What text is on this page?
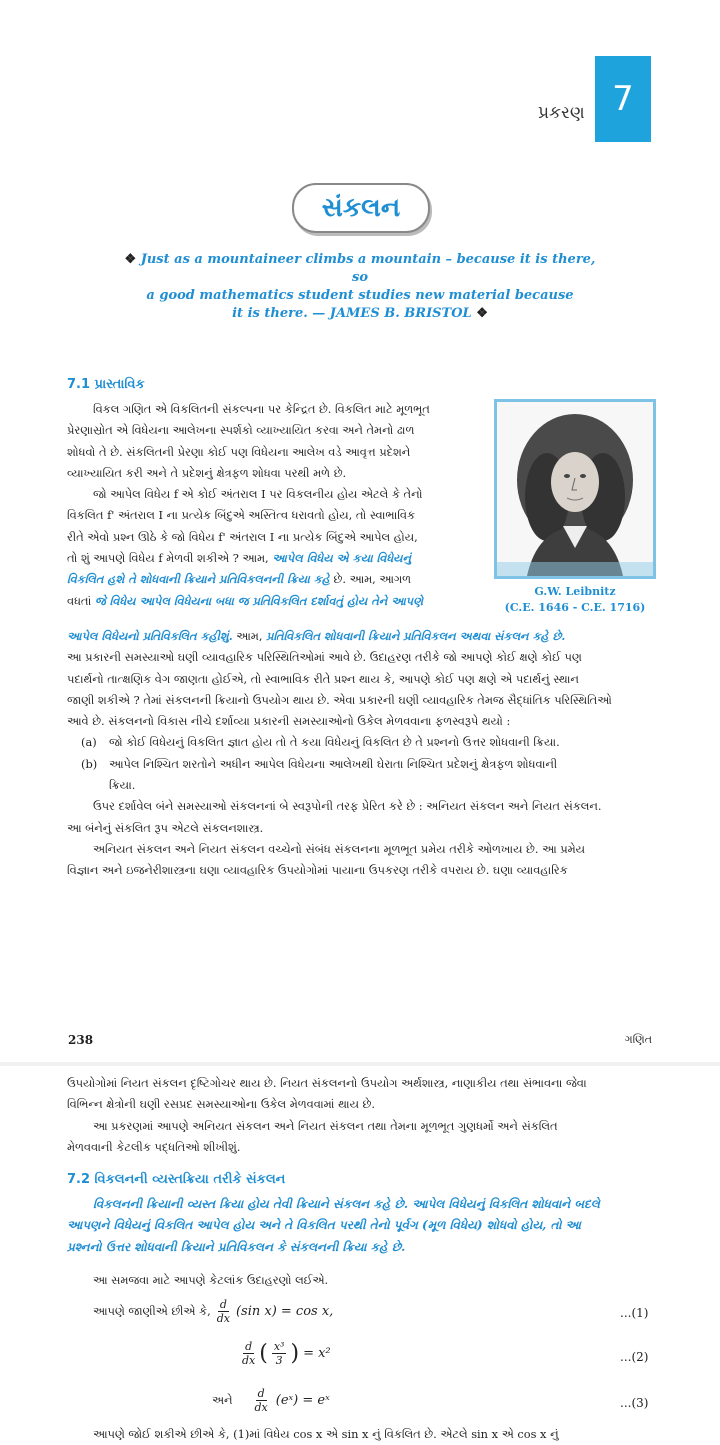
પ્રકરણ 7
સંકલન
❖ Just as a mountaineer climbs a mountain – because it is there, so
a good mathematics student studies new material because
it is there. — JAMES B. BRISTOL ❖
7.1 પ્રાસ્તાવિક
વિકલ ગણિત એ વિકલિતની સંકલ્પના પર કેન્દ્રિત છે. વિકલિત માટે મૂળભૂત
પ્રેરણાસ્રોત એ વિધેયના આલેખના સ્પર્શકો વ્યાખ્યાયિત કરવા અને તેમનો ઢાળ
શોધવો તે છે. સંકલિતની પ્રેરણા કોઈ પણ વિધેયના આલેખ વડે આવૃત્ત પ્રદેશને
વ્યાખ્યાયિત કરી અને તે પ્રદેશનું ક્ષેત્રફળ શોધવા પરથી મળે છે.
જો આપેલ વિધેય f એ કોઈ અંતરાલ I પર વિકલનીય હોય એટલે કે તેનો
વિકલિત f' અંતરાલ I ના પ્રત્યેક બિંદુએ અસ્તિત્વ ધરાવતો હોય, તો સ્વાભાવિક
રીતે એવો પ્રશ્ન ઊઠે કે જો વિધેય f' અંતરાલ I ના પ્રત્યેક બિંદુએ આપેલ હોય,
તો શું આપણે વિધેય f મેળવી શકીએ ? આમ, આપેલ વિધેય એ કયા વિધેયનું
વિકલિત હશે તે શોધવાની ક્રિયાને પ્રતિવિકલનની ક્રિયા કહે છે. આમ, આગળ
વધતાં જે વિધેય આપેલ વિધેયના બધા જ પ્રતિવિકલિત દર્શાવતું હોય તેને આપણે
G.W. Leibnitz
(C.E. 1646 - C.E. 1716)
આપેલ વિધેયનો પ્રતિવિકલિત કહીશું. આમ, પ્રતિવિકલિત શોધવાની ક્રિયાને પ્રતિવિકલન અથવા સંકલન કહે છે.
આ પ્રકારની સમસ્યાઓ ઘણી વ્યાવહારિક પરિસ્થિતિઓમાં આવે છે. ઉદાહરણ તરીકે જો આપણે કોઈ ક્ષણે કોઈ પણ
પદાર્થનો તાત્ક્ષણિક વેગ જાણતા હોઈએ, તો સ્વાભાવિક રીતે પ્રશ્ન થાય કે, આપણે કોઈ પણ ક્ષણે એ પદાર્થનું સ્થાન
જાણી શકીએ ? તેમાં સંકલનની ક્રિયાનો ઉપયોગ થાય છે. એવા પ્રકારની ઘણી વ્યાવહારિક તેમજ સૈદ્ધાંતિક પરિસ્થિતિઓ
આવે છે. સંકલનનો વિકાસ નીચે દર્શાવ્યા પ્રકારની સમસ્યાઓનો ઉકેલ મેળવવાના ફળસ્વરૂપે થયો :
(a)	જો કોઈ વિધેયનું વિકલિત જ્ઞાત હોય તો તે કયા વિધેયનું વિકલિત છે તે પ્રશ્નનો ઉત્તર શોધવાની ક્રિયા.
(b)	આપેલ નિશ્ચિત શરતોને અધીન આપેલ વિધેયના આલેખથી ઘેરાતા નિશ્ચિત પ્રદેશનું ક્ષેત્રફળ શોધવાની
ક્રિયા.
ઉપર દર્શાવેલ બંને સમસ્યાઓ સંકલનનાં બે સ્વરૂપોની તરફ પ્રેરિત કરે છે : અનિયત સંકલન અને નિયત સંકલન.
આ બંનેનું સંકલિત રૂપ એટલે સંકલનશાસ્ત્ર.
અનિયત સંકલન અને નિયત સંકલન વચ્ચેનો સંબંધ સંકલનના મૂળભૂત પ્રમેય તરીકે ઓળખાય છે. આ પ્રમેય
વિજ્ઞાન અને ઇજનેરીશાસ્ત્રના ઘણા વ્યાવહારિક ઉપયોગોમાં પાયાના ઉપકરણ તરીકે વપરાય છે. ઘણા વ્યાવહારિક
238	ગણિત
ઉપયોગોમાં નિયત સંકલન દૃષ્ટિગોચર થાય છે. નિયત સંકલનનો ઉપયોગ અર્થશાસ્ત્ર, નાણાકીય તથા સંભાવના જેવા
વિભિન્ન ક્ષેત્રોની ઘણી રસપ્રદ સમસ્યાઓના ઉકેલ મેળવવામાં થાય છે.
આ પ્રકરણમાં આપણે અનિયત સંકલન અને નિયત સંકલન તથા તેમના મૂળભૂત ગુણધર્મો અને સંકલિત
મેળવવાની કેટલીક પદ્ધતિઓ શીખીશું.
7.2 વિકલનની વ્યસ્તક્રિયા તરીકે સંકલન
વિકલનની ક્રિયાની વ્યસ્ત ક્રિયા હોય તેવી ક્રિયાને સંકલન કહે છે. આપેલ વિધેયનું વિકલિત શોધવાને બદલે
આપણને વિધેયનું વિકલિત આપેલ હોય અને તે વિકલિત પરથી તેનો પૂર્વગ (મૂળ વિધેય) શોધવો હોય, તો આ
પ્રશ્નનો ઉત્તર શોધવાની ક્રિયાને પ્રતિવિકલન કે સંકલનની ક્રિયા કહે છે.
આ સમજવા માટે આપણે કેટલાંક ઉદાહરણો લઈએ.
આપણે જાણીએ છીએ કે, $\frac{d}{dx} (\sin$ x) = cos x,	...(1)
$\frac{d}{dx}$ ( $\frac{\text{x³}}{3}$ ) = x²	...(2)
અને $\frac{d}{dx}$ (eˣ) = eˣ	...(3)
આપણે જોઈ શકીએ છીએ કે, (1)માં વિધેય cos x એ sin x નું વિકલિત છે. એટલે sin x એ cos x નું
